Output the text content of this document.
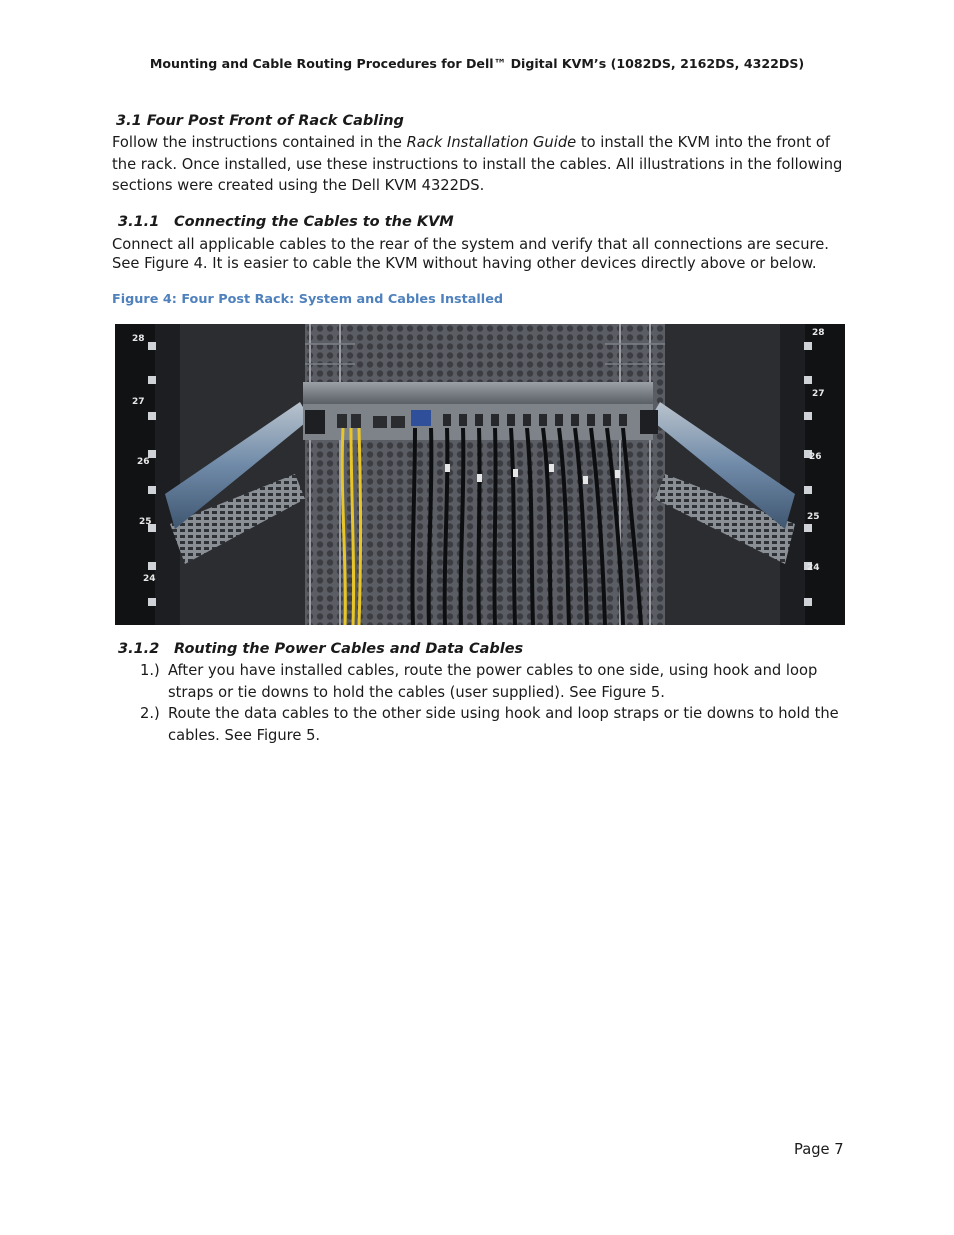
Mounting and Cable Routing Procedures for Dell™ Digital KVM’s (1082DS, 2162DS, 4322DS)
3.1 Four Post Front of Rack Cabling
Follow the instructions contained in the Rack Installation Guide to install the KVM into the front of the rack. Once installed, use these instructions to install the cables. All illustrations in the following sections were created using the Dell KVM 4322DS.
3.1.1 Connecting the Cables to the KVM
Connect all applicable cables to the rear of the system and verify that all connections are secure. See Figure 4. It is easier to cable the KVM without having other devices directly above or below.
Figure 4: Four Post Rack: System and Cables Installed
28
27
26
25
24
28
27
26
25
24
3.1.2 Routing the Power Cables and Data Cables
1.) After you have installed cables, route the power cables to one side, using hook and loop straps or tie downs to hold the cables (user supplied). See Figure 5.
2.) Route the data cables to the other side using hook and loop straps or tie downs to hold the cables. See Figure 5.
Page 7
